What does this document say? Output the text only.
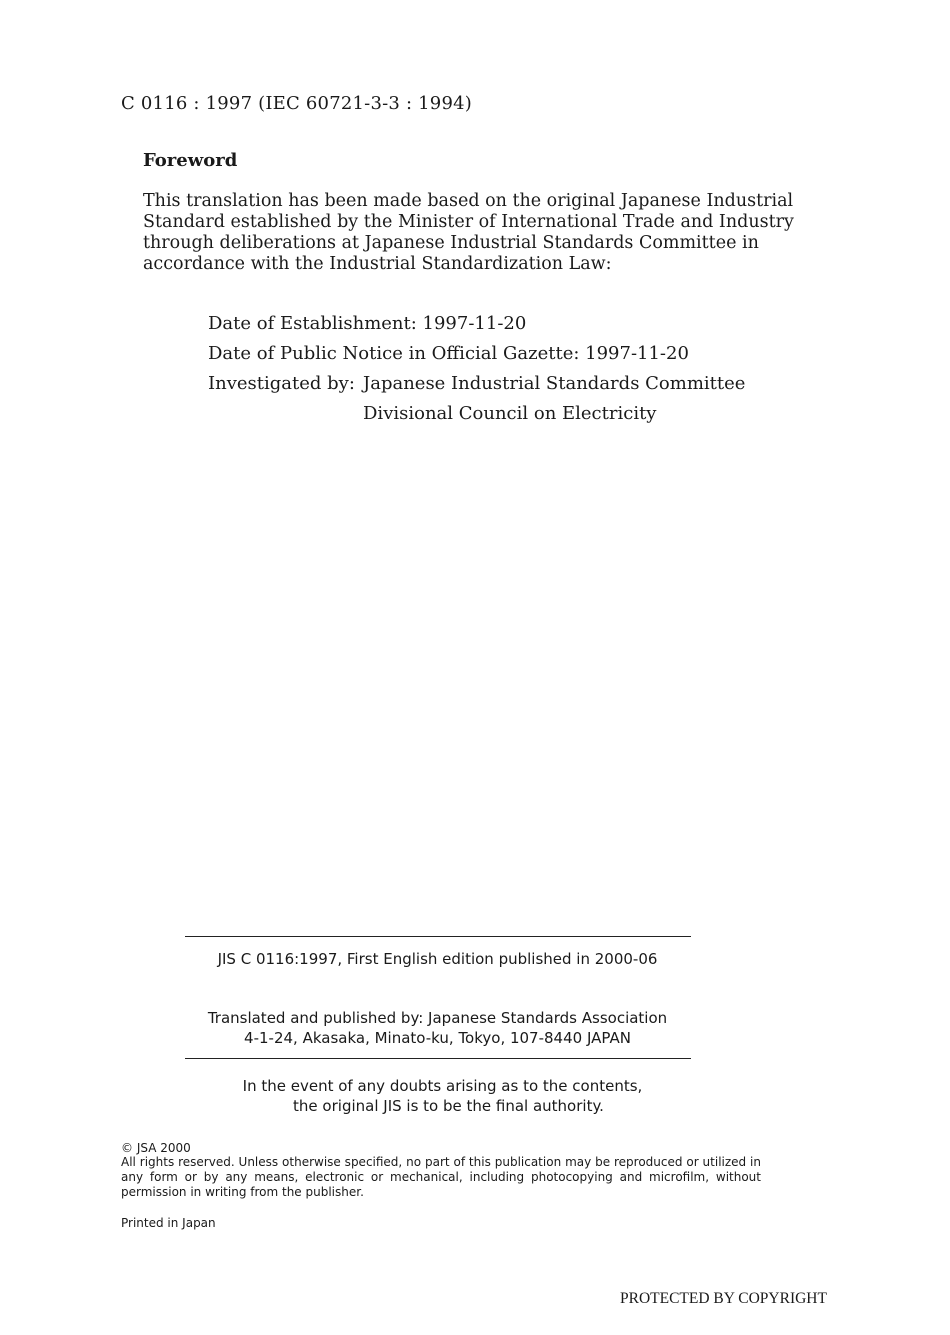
C 0116 : 1997 (IEC 60721-3-3 : 1994)
Foreword
This translation has been made based on the original Japanese Industrial
Standard established by the Minister of International Trade and Industry
through deliberations at Japanese Industrial Standards Committee in
accordance with the Industrial Standardization Law:
Date of Establishment: 1997-11-20
Date of Public Notice in Official Gazette: 1997-11-20
Investigated by: Japanese Industrial Standards Committee
Divisional Council on Electricity
JIS C 0116:1997, First English edition published in 2000-06
Translated and published by: Japanese Standards Association
4-1-24, Akasaka, Minato-ku, Tokyo, 107-8440 JAPAN
In the event of any doubts arising as to the contents,
the original JIS is to be the final authority.
© JSA 2000
All rights reserved. Unless otherwise specified, no part of this publication may be reproduced or utilized in any form or by any means, electronic or mechanical, including photocopying and microfilm, without permission in writing from the publisher.
Printed in Japan
PROTECTED BY COPYRIGHT
